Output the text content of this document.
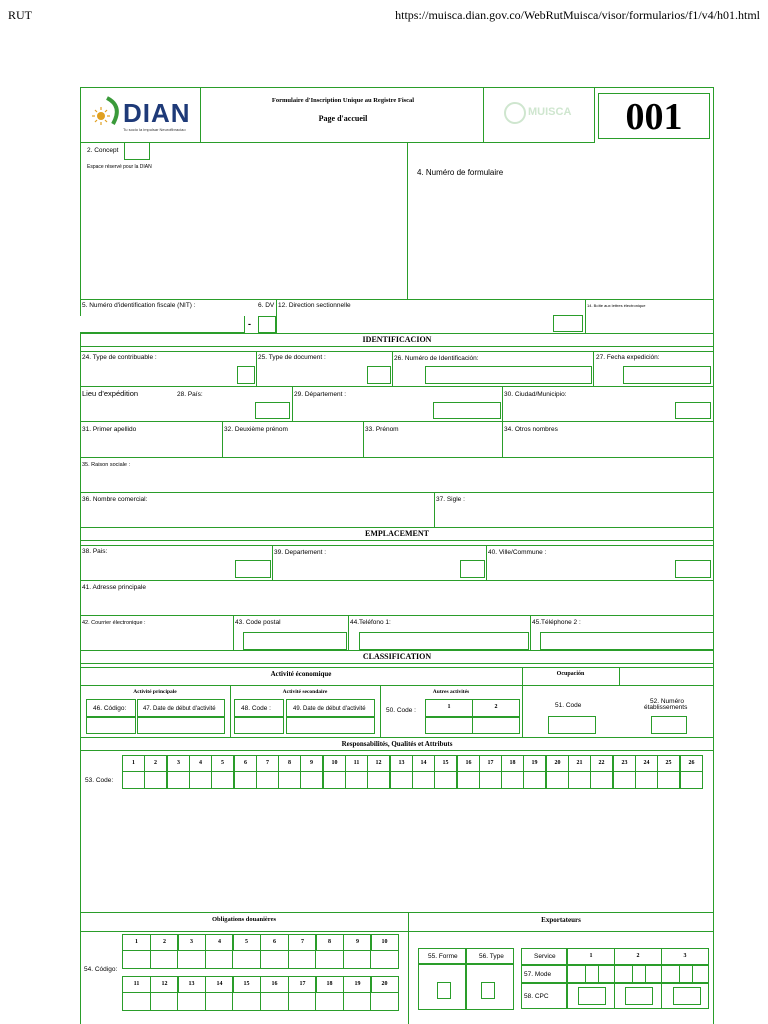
RUT	https://muisca.dian.gov.co/WebRutMuisca/visor/formularios/f1/v4/h01.html
DIAN
Tu socio la impulsar Neurofibraciao
Formulaire d'Inscription Unique au Registre Fiscal
Page d'accueil
MUISCA	001
2. Concept
Espace réservé pour la DIAN
4. Numéro de formulaire
5. Numéro d'identification fiscale (NIT) :
-
6. DV 12. Direction sectionnelle	14. Boîte aux lettres électronique
IDENTIFICACION
24. Type de contribuable :	25. Type de document :	26. Numéro de Identificación:	27. Fecha expedición:
Lieu d'expédition	28. País:	29. Département :	30. Ciudad/Municipio:
31. Primer apellido	32. Deuxième prénom	33. Prénom	34. Otros nombres
35. Raison sociale :
36. Nombre comercial:	37. Sigle :
EMPLACEMENT
38. Pais:	39. Departement :	40. Ville/Commune :
41. Adresse principale
42. Courrier électronique :	43. Code postal	44.Teléfono 1:	45.Téléphone 2 :
CLASSIFICATION
Activité économique	Ocupación
Activité principale	Activité secondaire	Autres activités
46. Código:	47. Date de début d'activité	48. Code :	49. Date de début d'activité	50. Code :	1	2	51. Code
52. Numéro
établissements
Responsabilités, Qualités et Attributs
1	2	3	4	5	6	7	8	9	10	11	12	13	14	15	16	17	18	19	20	21	22	23	24	25	26
53. Code:
Obligations douanières	Exportateurs
54. Código:
1	2	3	4	5	6	7	8	9	10
11	12	13	14	15	16	17	18	19	20
55. Forme	56. Type	Service	1	2	3
57. Mode
58. CPC
